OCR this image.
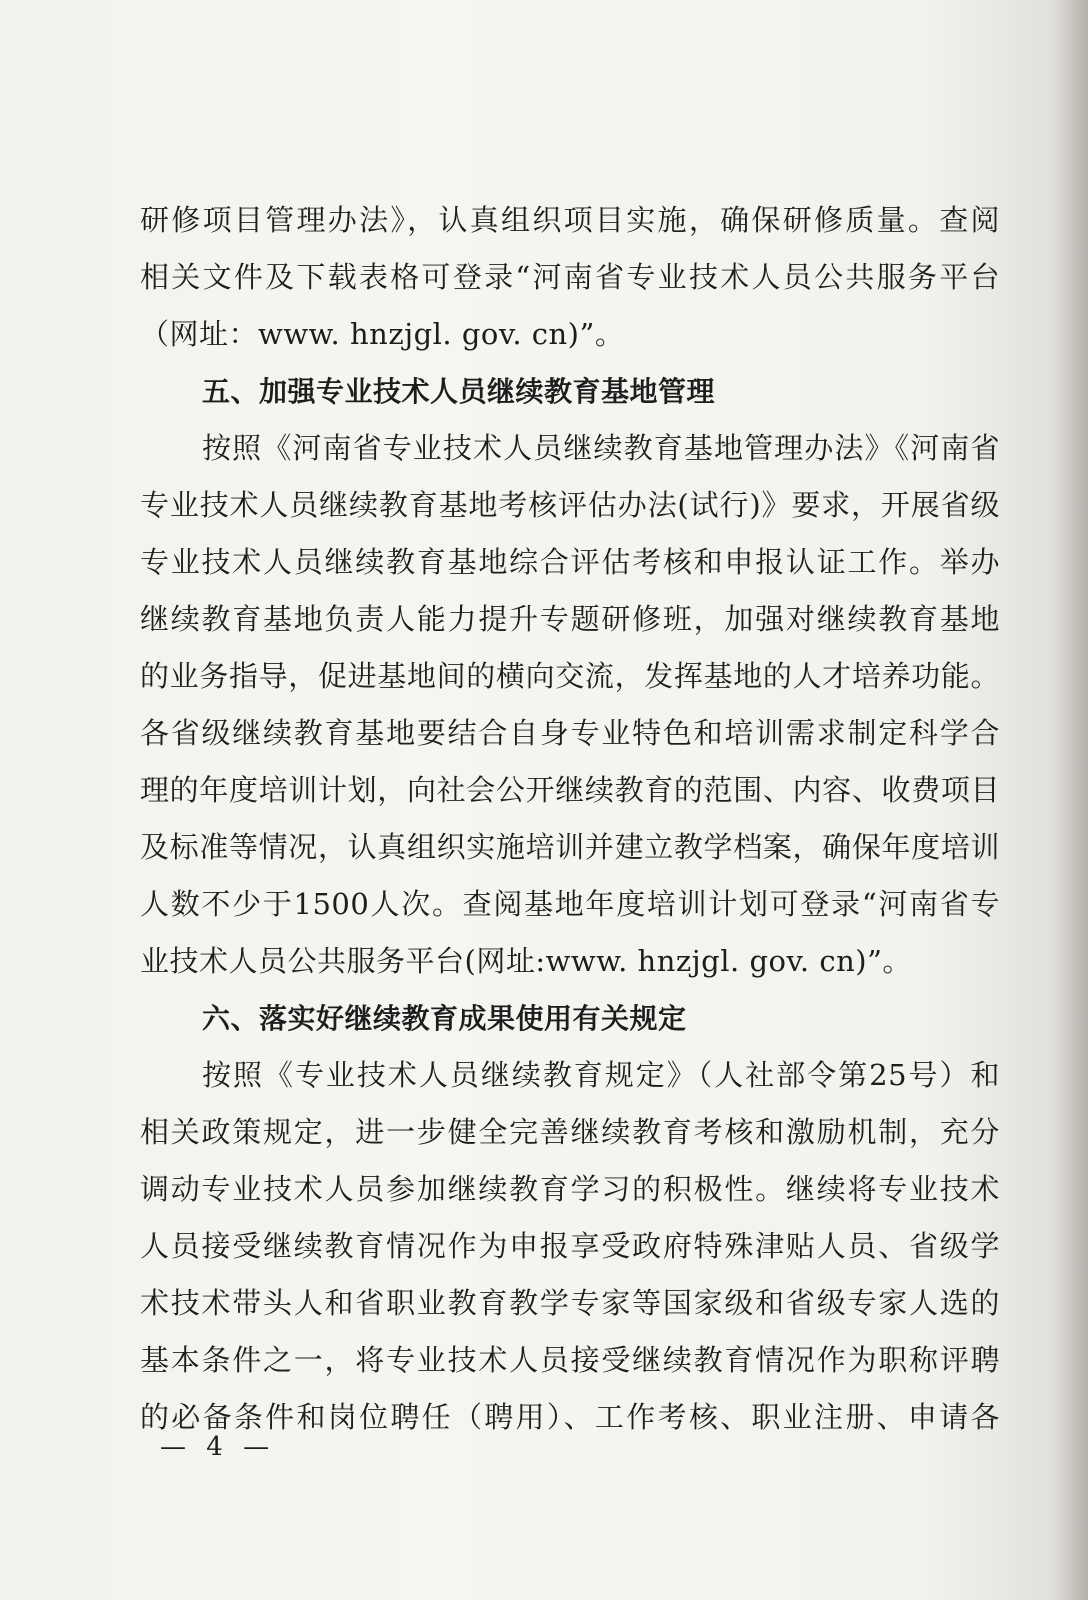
研修项目管理办法》，认真组织项目实施，确保研修质量。查阅
相关文件及下载表格可登录“河南省专业技术人员公共服务平台
（网址：www. hnzjgl. gov. cn)”。
五、加强专业技术人员继续教育基地管理
按照《河南省专业技术人员继续教育基地管理办法》《河南省
专业技术人员继续教育基地考核评估办法(试行)》要求，开展省级
专业技术人员继续教育基地综合评估考核和申报认证工作。举办
继续教育基地负责人能力提升专题研修班，加强对继续教育基地
的业务指导，促进基地间的横向交流，发挥基地的人才培养功能。
各省级继续教育基地要结合自身专业特色和培训需求制定科学合
理的年度培训计划，向社会公开继续教育的范围、内容、收费项目
及标准等情况，认真组织实施培训并建立教学档案，确保年度培训
人数不少于1500人次。查阅基地年度培训计划可登录“河南省专
业技术人员公共服务平台(网址:www. hnzjgl. gov. cn)”。
六、落实好继续教育成果使用有关规定
按照《专业技术人员继续教育规定》（人社部令第25号）和
相关政策规定，进一步健全完善继续教育考核和激励机制，充分
调动专业技术人员参加继续教育学习的积极性。继续将专业技术
人员接受继续教育情况作为申报享受政府特殊津贴人员、省级学
术技术带头人和省职业教育教学专家等国家级和省级专家人选的
基本条件之一，将专业技术人员接受继续教育情况作为职称评聘
的必备条件和岗位聘任（聘用）、工作考核、职业注册、申请各
— 4 —
